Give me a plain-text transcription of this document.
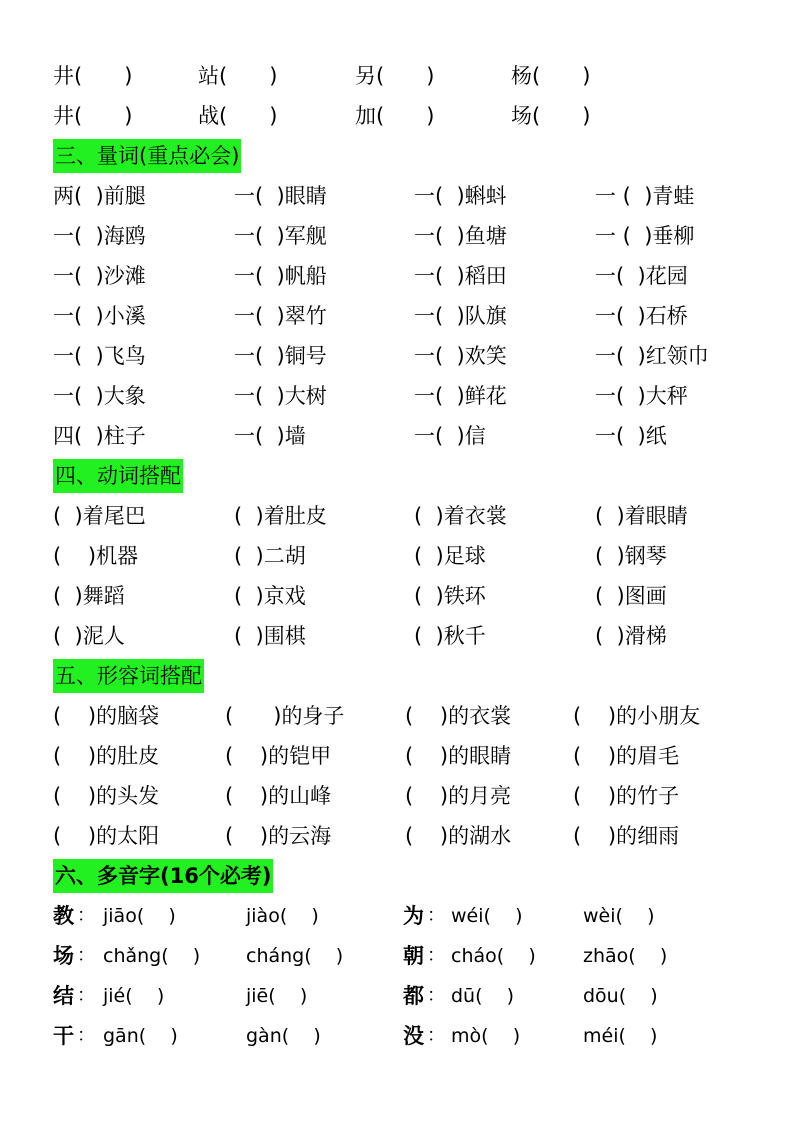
井(　　)	站(　　)	另(　　)	杨(　　)
井(　　)	战(　　)	加(　　)	场(　　)
三、量词(重点必会)
两(  )前腿	一(  )眼睛	一(  )蝌蚪	一 (  )青蛙
一(  )海鸥	一(  )军舰	一(  )鱼塘	一 (  )垂柳
一(  )沙滩	一(  )帆船	一(  )稻田	一(  )花园
一(  )小溪	一(  )翠竹	一(  )队旗	一(  )石桥
一(  )飞鸟	一(  )铜号	一(  )欢笑	一(  )红领巾
一(  )大象	一(  )大树	一(  )鲜花	一(  )大秤
四(  )柱子	一(  )墙	一(  )信	一(  )纸
四、动词搭配
(  )着尾巴	(  )着肚皮	(  )着衣裳	(  )着眼睛
(    )机器	(  )二胡	(  )足球	(  )钢琴
(  )舞蹈	(  )京戏	(  )铁环	(  )图画
(  )泥人	(  )围棋	(  )秋千	(  )滑梯
五、形容词搭配
(    )的脑袋	(      )的身子	(    )的衣裳	(    )的小朋友
(    )的肚皮	(    )的铠甲	(    )的眼睛	(    )的眉毛
(    )的头发	(    )的山峰	(    )的月亮	(    )的竹子
(    )的太阳	(    )的云海	(    )的湖水	(    )的细雨
六、多音字(16个必考)
教 ： jiāo(    )	jiào(    )	为 ： wéi(    )	wèi(    )
场 ： chǎng(    ) cháng(    )	朝 ： cháo(    ) zhāo(    )
结 ： jié(    )	jiē(    )	都 ： dū(    )	dōu(    )
干 ： gān(    )	gàn(    )	没 ： mò(    )	méi(    )
